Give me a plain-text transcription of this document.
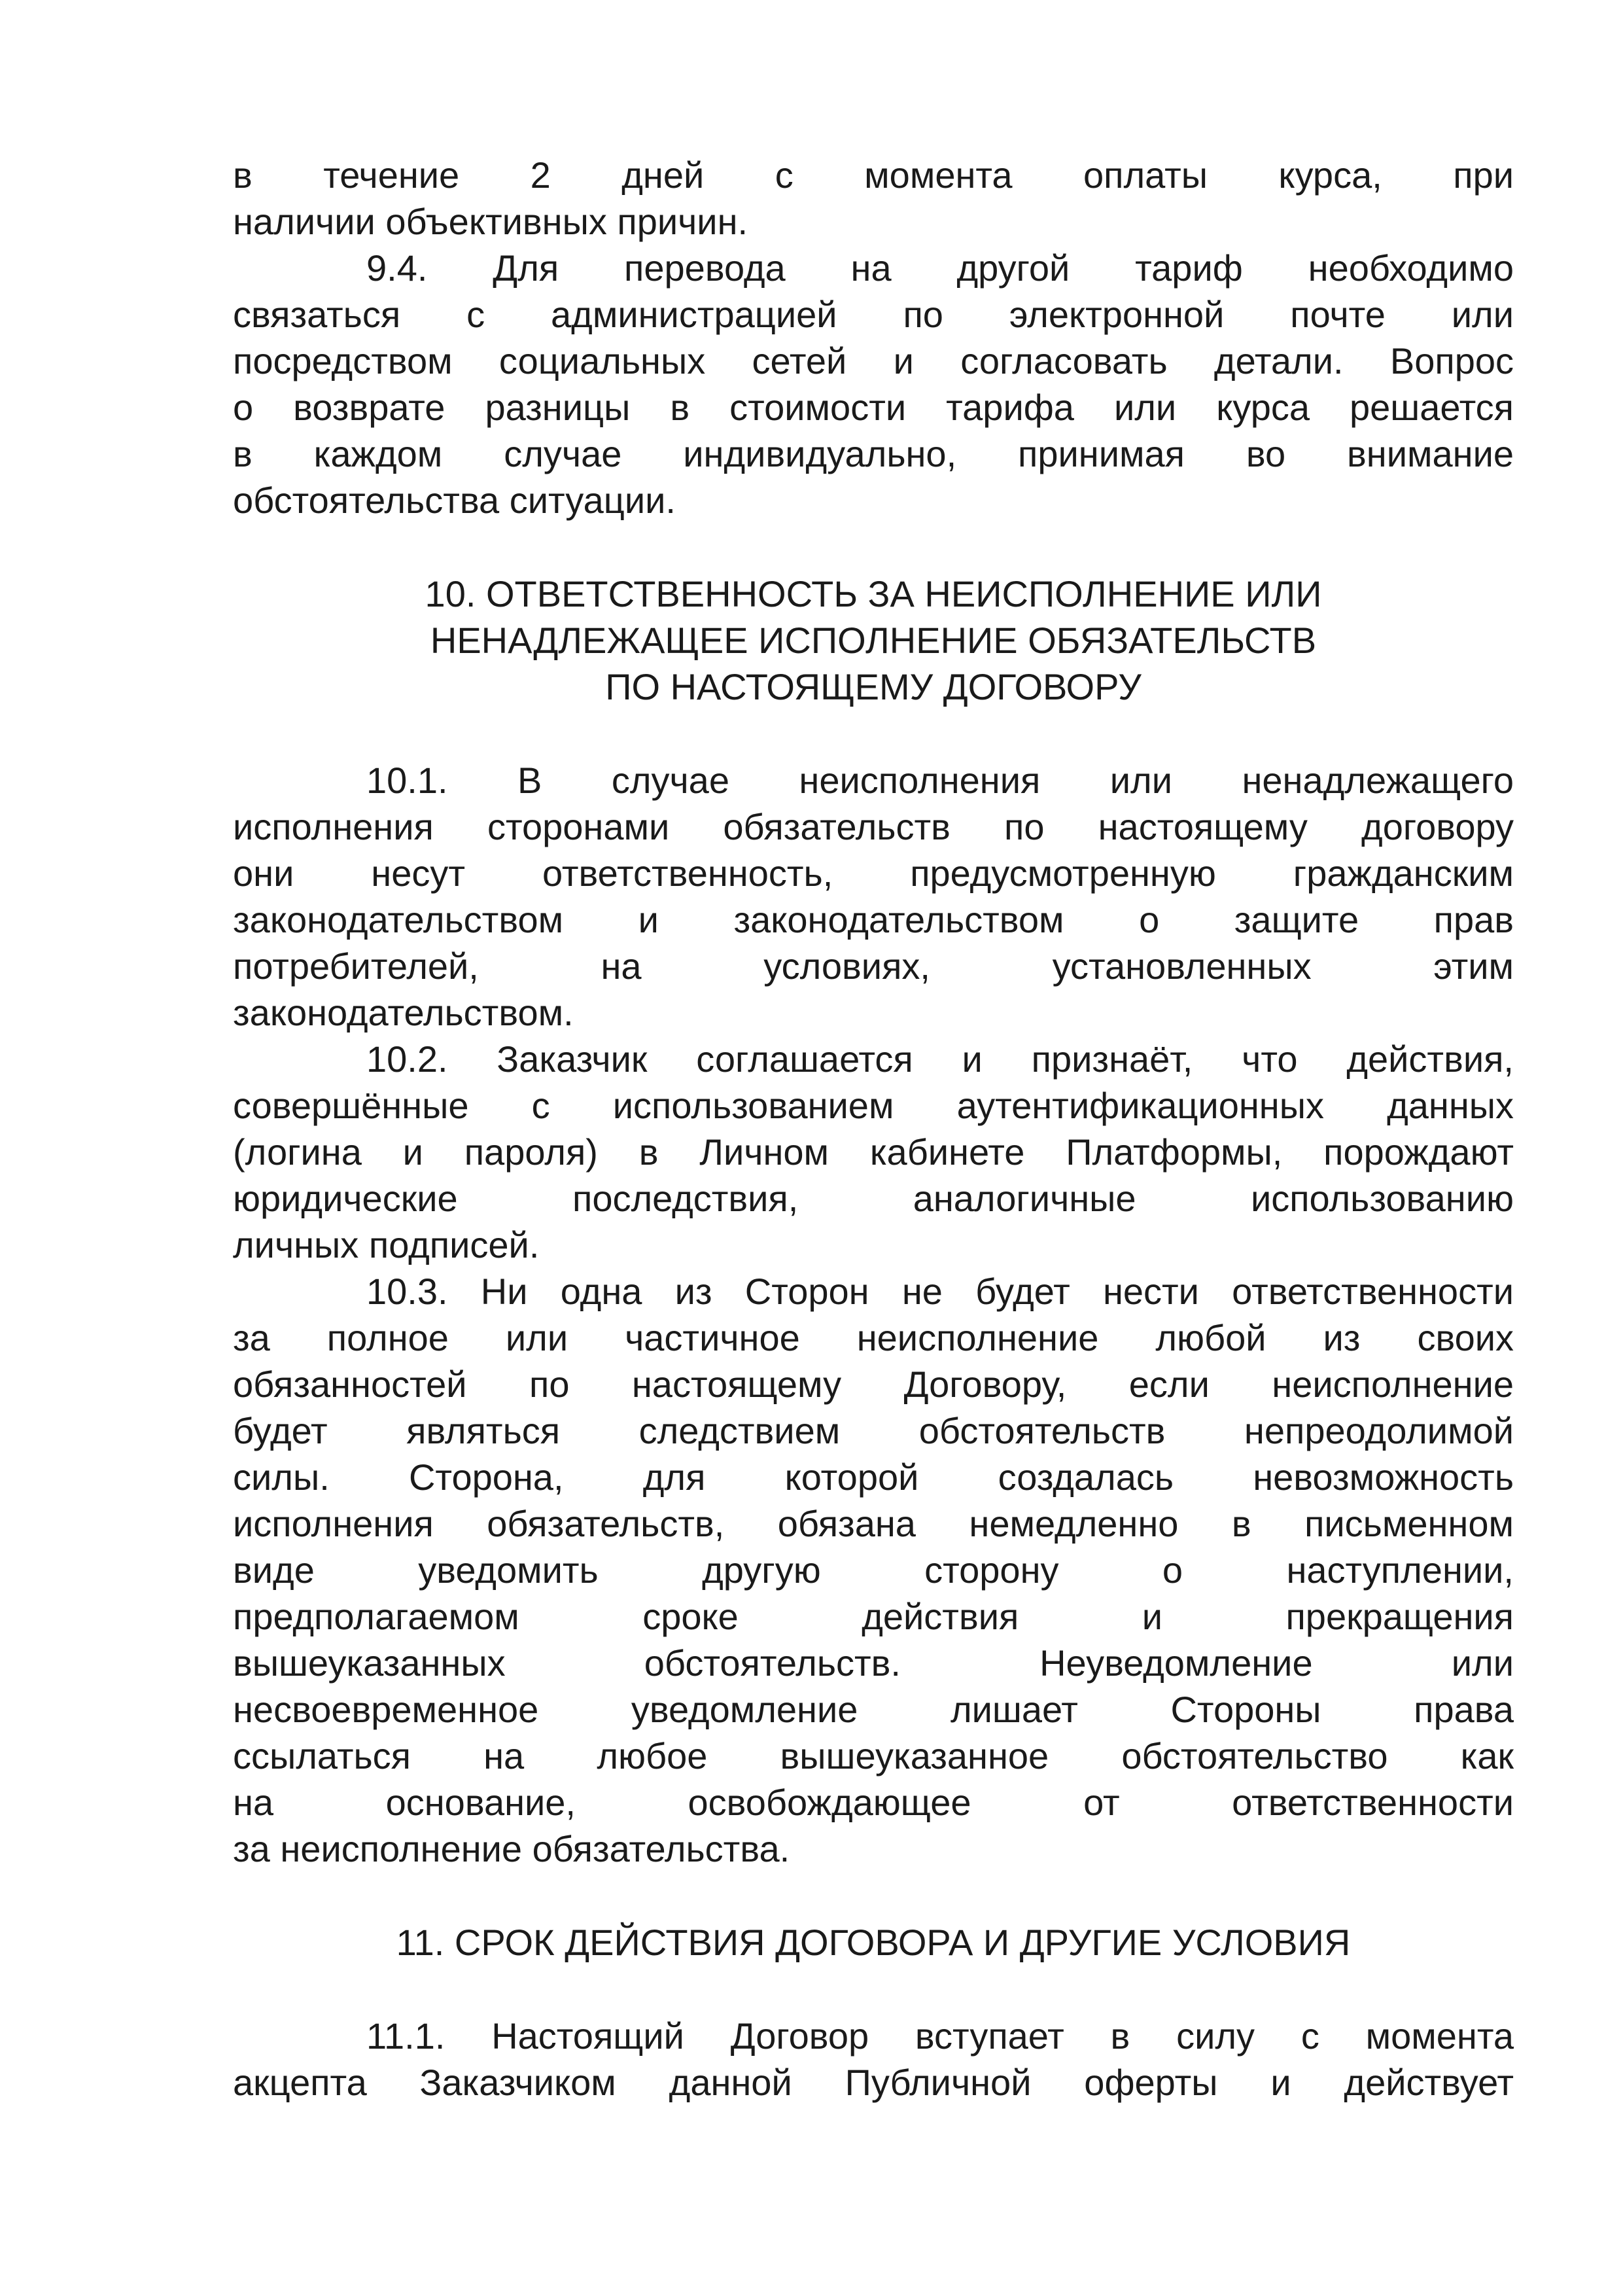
в течение 2 дней с момента оплаты курса, при

наличии объективных причин.

9.4. Для перевода на другой тариф необходимо

связаться с администрацией по электронной почте или

посредством социальных сетей и согласовать детали. Вопрос

о возврате разницы в стоимости тарифа или курса решается

в каждом случае индивидуально, принимая во внимание

обстоятельства ситуации.

10. ОТВЕТСТВЕННОСТЬ ЗА НЕИСПОЛНЕНИЕ ИЛИ
НЕНАДЛЕЖАЩЕЕ ИСПОЛНЕНИЕ ОБЯЗАТЕЛЬСТВ
ПО НАСТОЯЩЕМУ ДОГОВОРУ

10.1. В случае неисполнения или ненадлежащего

исполнения сторонами обязательств по настоящему договору

они несут ответственность, предусмотренную гражданским

законодательством и законодательством о защите прав

потребителей, на условиях, установленных этим

законодательством.

10.2. Заказчик соглашается и признаёт, что действия,

совершённые с использованием аутентификационных данных

(логина и пароля) в Личном кабинете Платформы, порождают

юридические последствия, аналогичные использованию

личных подписей.

10.3. Ни одна из Сторон не будет нести ответственности

за полное или частичное неисполнение любой из своих

обязанностей по настоящему Договору, если неисполнение

будет являться следствием обстоятельств непреодолимой

силы. Сторона, для которой создалась невозможность

исполнения обязательств, обязана немедленно в письменном

виде уведомить другую сторону о наступлении,

предполагаемом сроке действия и прекращения

вышеуказанных обстоятельств. Неуведомление или

несвоевременное уведомление лишает Стороны права

ссылаться на любое вышеуказанное обстоятельство как

на основание, освобождающее от ответственности

за неисполнение обязательства.

11. СРОК ДЕЙСТВИЯ ДОГОВОРА И ДРУГИЕ УСЛОВИЯ

11.1. Настоящий Договор вступает в силу с момента

акцепта Заказчиком данной Публичной оферты и действует
